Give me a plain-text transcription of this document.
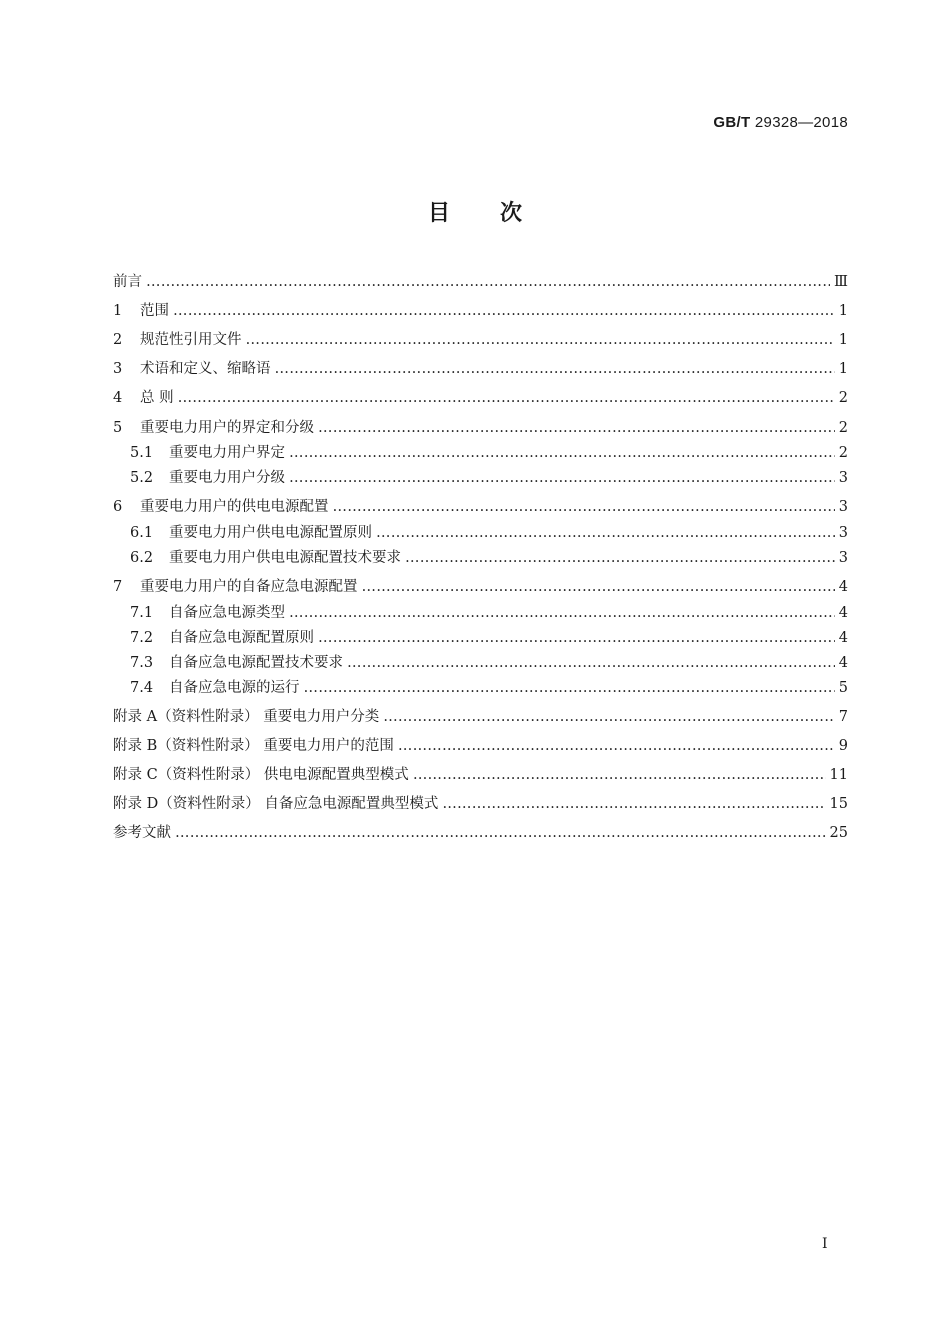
GB/T 29328—2018
目次
前言 …………………………………………………………………………………………………………………………………………………………………………………………………………	Ⅲ
1	范围 …………………………………………………………………………………………………………………………………………………………………………………………………………	1
2	规范性引用文件 …………………………………………………………………………………………………………………………………………………………………………………………………………	1
3	术语和定义、缩略语 …………………………………………………………………………………………………………………………………………………………………………………………………………	1
4	总 则 …………………………………………………………………………………………………………………………………………………………………………………………………………	2
5	重要电力用户的界定和分级 …………………………………………………………………………………………………………………………………………………………………………………………………………	2
5.1	重要电力用户界定 …………………………………………………………………………………………………………………………………………………………………………………………………………	2
5.2	重要电力用户分级 …………………………………………………………………………………………………………………………………………………………………………………………………………	3
6	重要电力用户的供电电源配置 …………………………………………………………………………………………………………………………………………………………………………………………………………	3
6.1	重要电力用户供电电源配置原则 …………………………………………………………………………………………………………………………………………………………………………………………………………	3
6.2	重要电力用户供电电源配置技术要求 …………………………………………………………………………………………………………………………………………………………………………………………………………	3
7	重要电力用户的自备应急电源配置 …………………………………………………………………………………………………………………………………………………………………………………………………………	4
7.1	自备应急电源类型 …………………………………………………………………………………………………………………………………………………………………………………………………………	4
7.2	自备应急电源配置原则 …………………………………………………………………………………………………………………………………………………………………………………………………………	4
7.3	自备应急电源配置技术要求 …………………………………………………………………………………………………………………………………………………………………………………………………………	4
7.4	自备应急电源的运行 …………………………………………………………………………………………………………………………………………………………………………………………………………	5
附录 A（资料性附录） 重要电力用户分类 …………………………………………………………………………………………………………………………………………………………………………………………………………	7
附录 B（资料性附录） 重要电力用户的范围 …………………………………………………………………………………………………………………………………………………………………………………………………………	9
附录 C（资料性附录） 供电电源配置典型模式 …………………………………………………………………………………………………………………………………………………………………………………………………………	11
附录 D（资料性附录） 自备应急电源配置典型模式 …………………………………………………………………………………………………………………………………………………………………………………………………………	15
参考文献 …………………………………………………………………………………………………………………………………………………………………………………………………………	25
Ⅰ
